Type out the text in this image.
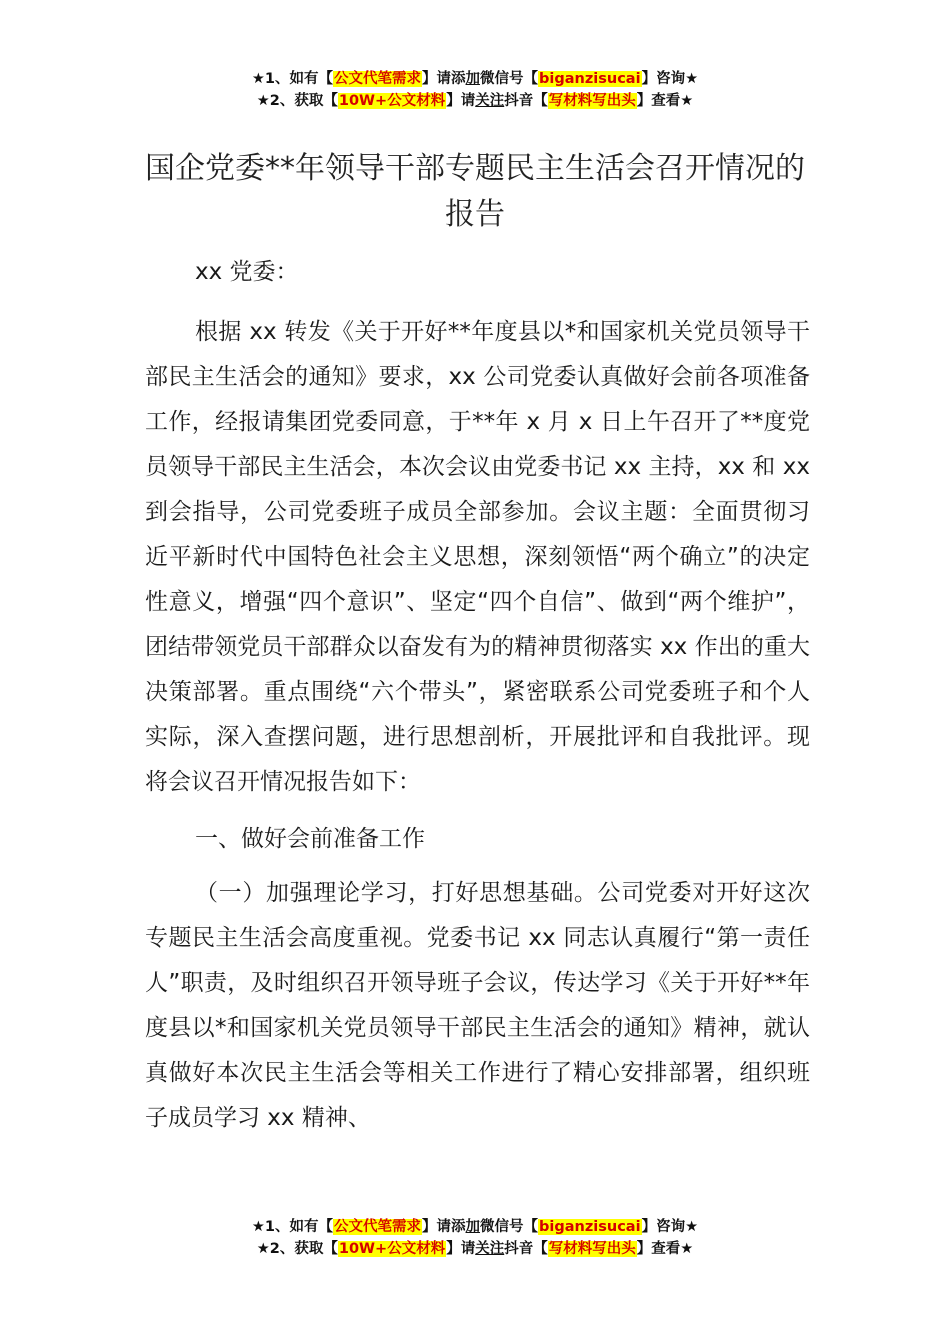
★1、如有【公文代笔需求】请添加微信号【biganzisucai】咨询★
★2、获取【10W+公文材料】请关注抖音【写材料写出头】查看★
国企党委**年领导干部专题民主生活会召开情况的报告
xx 党委：

根据 xx 转发《关于开好**年度县以*和国家机关党员领导干部民主生活会的通知》要求，xx 公司党委认真做好会前各项准备工作，经报请集团党委同意，于**年 x 月 x 日上午召开了**度党员领导干部民主生活会，本次会议由党委书记 xx 主持，xx 和 xx 到会指导，公司党委班子成员全部参加。会议主题：全面贯彻习近平新时代中国特色社会主义思想，深刻领悟“两个确立”的决定性意义，增强“四个意识”、坚定“四个自信”、做到“两个维护”，团结带领党员干部群众以奋发有为的精神贯彻落实 xx 作出的重大决策部署。重点围绕“六个带头”，紧密联系公司党委班子和个人实际，深入查摆问题，进行思想剖析，开展批评和自我批评。现将会议召开情况报告如下：

一、做好会前准备工作

（一）加强理论学习，打好思想基础。公司党委对开好这次专题民主生活会高度重视。党委书记 xx 同志认真履行“第一责任人”职责，及时组织召开领导班子会议，传达学习《关于开好**年度县以*和国家机关党员领导干部民主生活会的通知》精神，就认真做好本次民主生活会等相关工作进行了精心安排部署，组织班子成员学习 xx 精神、

★1、如有【公文代笔需求】请添加微信号【biganzisucai】咨询★
★2、获取【10W+公文材料】请关注抖音【写材料写出头】查看★
